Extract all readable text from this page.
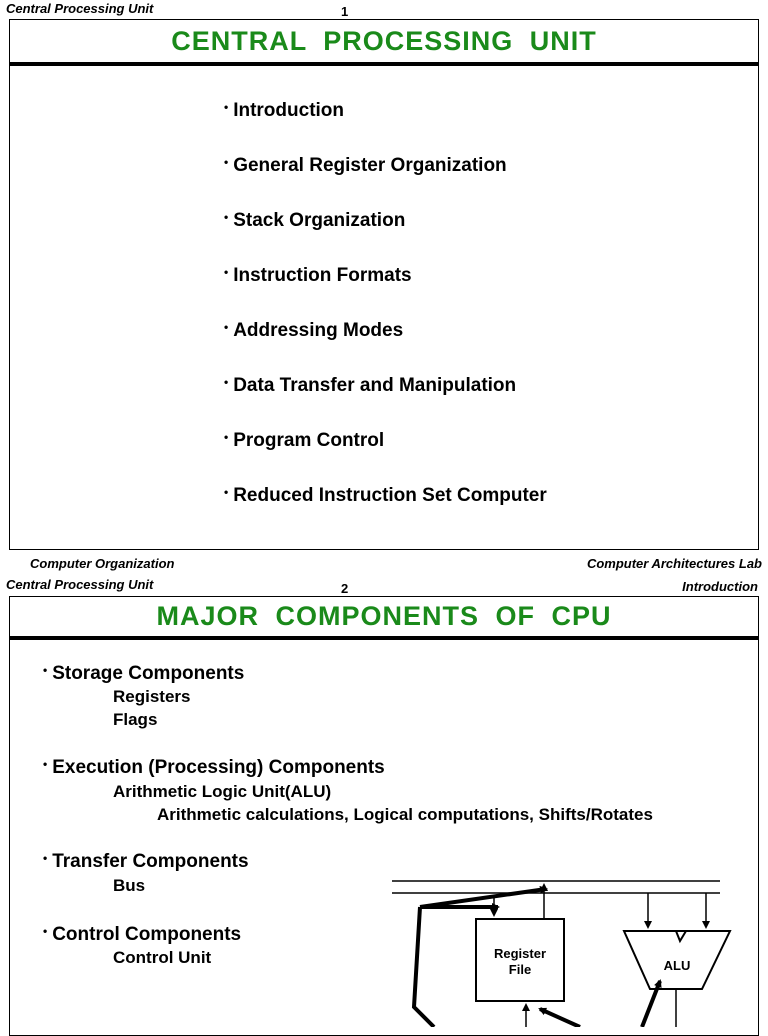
Central Processing Unit	1
CENTRAL PROCESSING UNIT
• Introduction
• General Register Organization
• Stack Organization
• Instruction Formats
• Addressing Modes
• Data Transfer and Manipulation
• Program Control
• Reduced Instruction Set Computer
Computer Organization	Computer Architectures Lab
Central Processing Unit	2	Introduction
MAJOR COMPONENTS OF CPU
• Storage Components
Registers
Flags
• Execution (Processing) Components
Arithmetic Logic Unit(ALU)
Arithmetic calculations, Logical computations, Shifts/Rotates
• Transfer Components
Bus
• Control Components
Control Unit	Register
File	ALU
